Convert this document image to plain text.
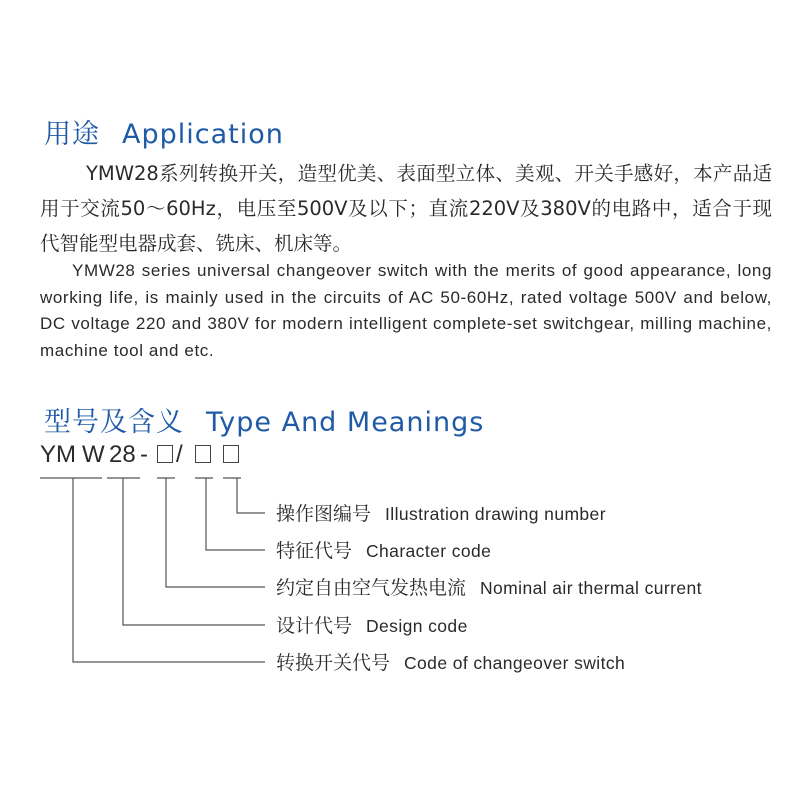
用途 Application

YMW28系列转换开关，造型优美、表面型立体、美观、开关手感好，本产品适用于交流50～60Hz，电压至500V及以下；直流220V及380V的电路中，适合于现代智能型电器成套、铣床、机床等。

YMW28 series universal changeover switch with the merits of good appearance, long working life, is mainly used in the circuits of AC 50-60Hz, rated voltage 500V and below, DC voltage 220 and 380V for modern intelligent complete-set switchgear, milling machine, machine tool and etc.

型号及含义 Type And Meanings
YM W 28 - /
操作图编号 Illustration drawing number
特征代号 Character code
约定自由空气发热电流 Nominal air thermal current
设计代号 Design code
转换开关代号 Code of changeover switch
